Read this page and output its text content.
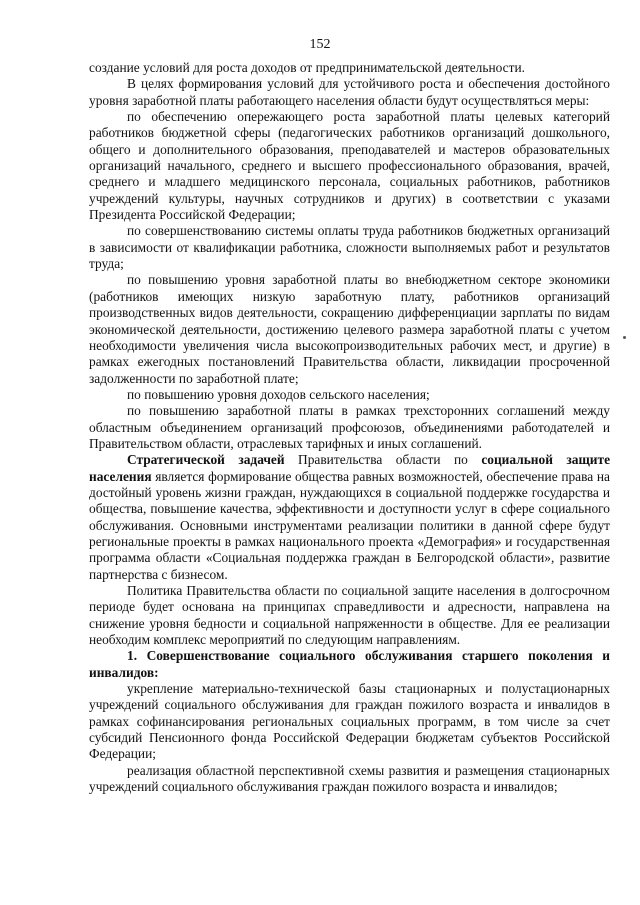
152

создание условий для роста доходов от предпринимательской деятельности.

В целях формирования условий для устойчивого роста и обеспечения достойного уровня заработной платы работающего населения области будут осуществляться меры:

по обеспечению опережающего роста заработной платы целевых категорий работников бюджетной сферы (педагогических работников организаций дошкольного, общего и дополнительного образования, преподавателей и мастеров образовательных организаций начального, среднего и высшего профессионального образования, врачей, среднего и младшего медицинского персонала, социальных работников, работников учреждений культуры, научных сотрудников и других) в соответствии с указами Президента Российской Федерации;

по совершенствованию системы оплаты труда работников бюджетных организаций в зависимости от квалификации работника, сложности выполняемых работ и результатов труда;

по повышению уровня заработной платы во внебюджетном секторе экономики (работников имеющих низкую заработную плату, работников организаций производственных видов деятельности, сокращению дифференциации зарплаты по видам экономической деятельности, достижению целевого размера заработной платы с учетом необходимости увеличения числа высокопроизводительных рабочих мест, и другие) в рамках ежегодных постановлений Правительства области, ликвидации просроченной задолженности по заработной плате;

по повышению уровня доходов сельского населения;

по повышению заработной платы в рамках трехсторонних соглашений между областным объединением организаций профсоюзов, объединениями работодателей и Правительством области, отраслевых тарифных и иных соглашений.

Стратегической задачей Правительства области по социальной защите населения является формирование общества равных возможностей, обеспечение права на достойный уровень жизни граждан, нуждающихся в социальной поддержке государства и общества, повышение качества, эффективности и доступности услуг в сфере социального обслуживания. Основными инструментами реализации политики в данной сфере будут региональные проекты в рамках национального проекта «Демография» и государственная программа области «Социальная поддержка граждан в Белгородской области», развитие партнерства с бизнесом.

Политика Правительства области по социальной защите населения в долгосрочном периоде будет основана на принципах справедливости и адресности, направлена на снижение уровня бедности и социальной напряженности в обществе. Для ее реализации необходим комплекс мероприятий по следующим направлениям.

1. Совершенствование социального обслуживания старшего поколения и инвалидов:

укрепление материально-технической базы стационарных и полустационарных учреждений социального обслуживания для граждан пожилого возраста и инвалидов в рамках софинансирования региональных социальных программ, в том числе за счет субсидий Пенсионного фонда Российской Федерации бюджетам субъектов Российской Федерации;

реализация областной перспективной схемы развития и размещения стационарных учреждений социального обслуживания граждан пожилого возраста и инвалидов;
